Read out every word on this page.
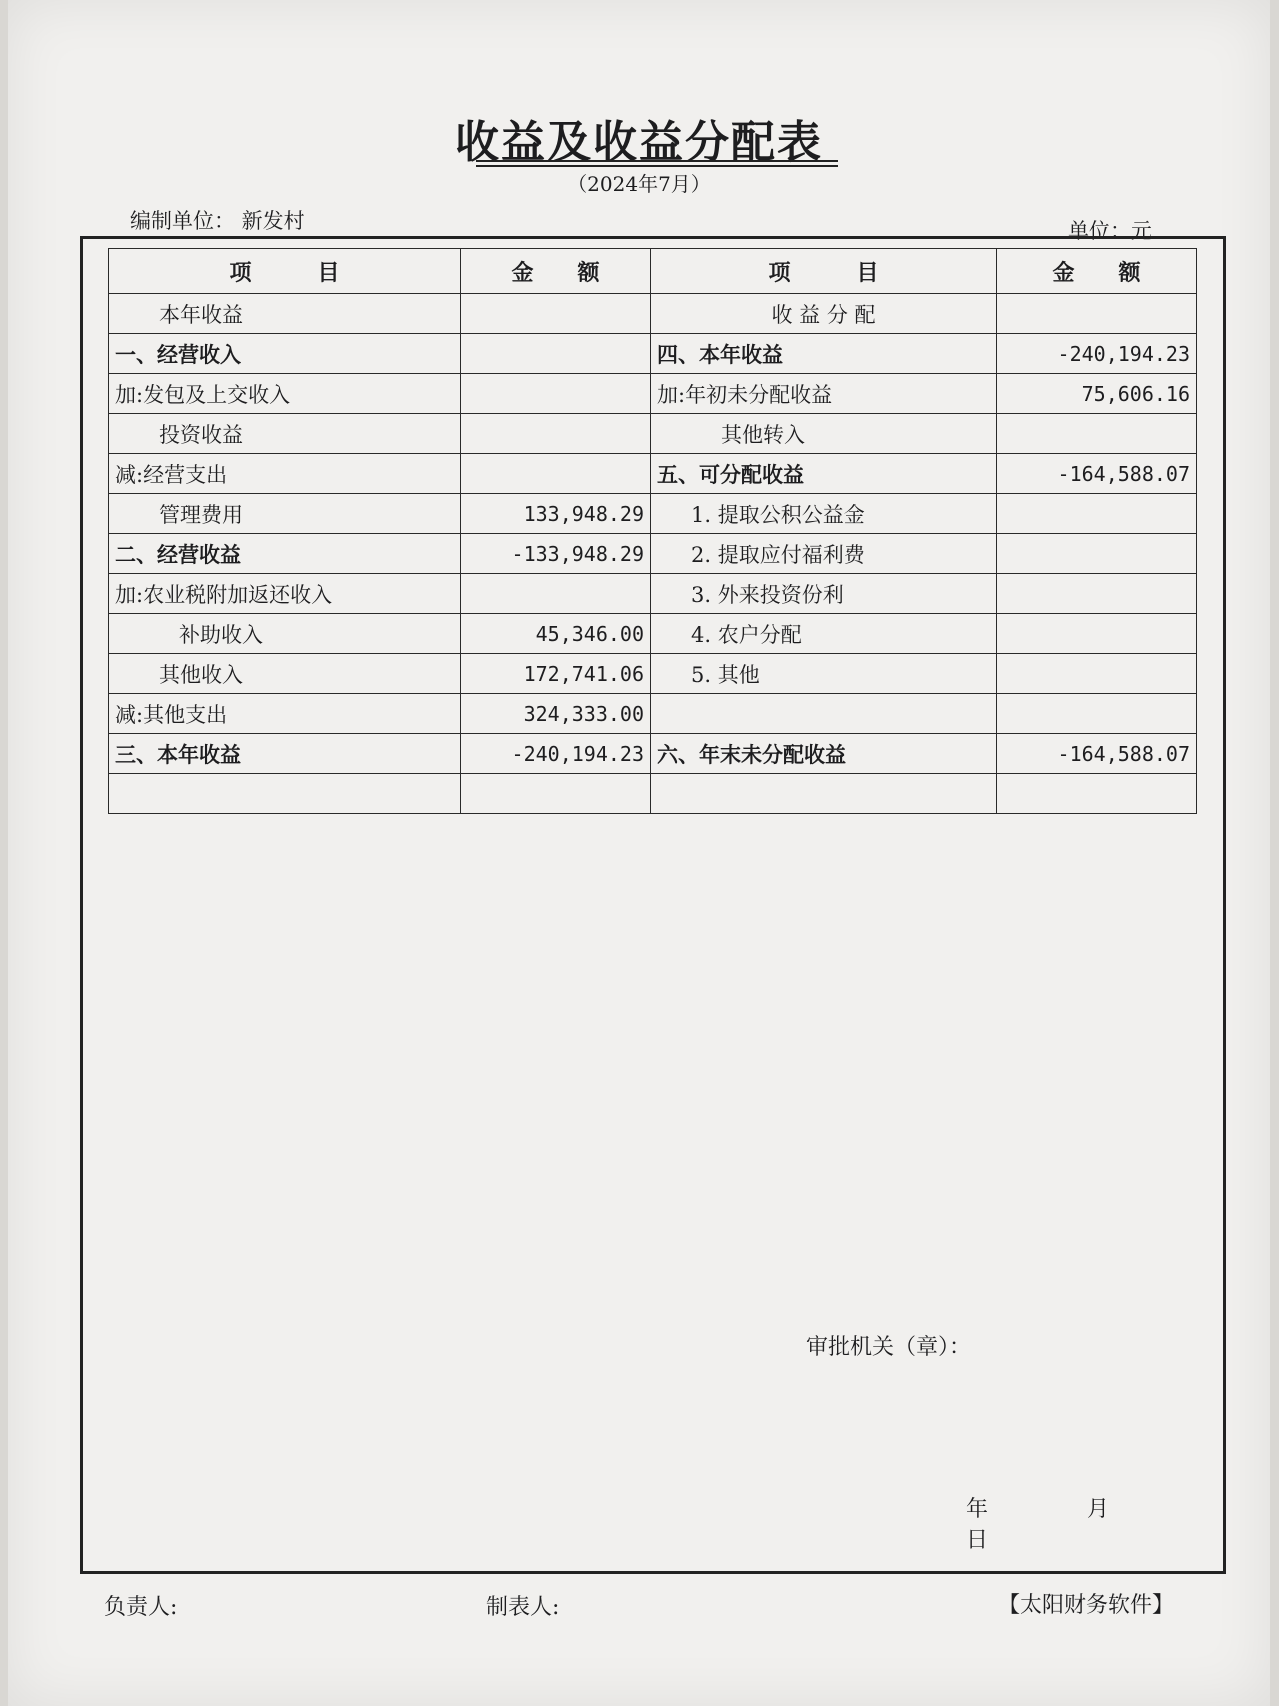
收益及收益分配表
（2024年7月）
编制单位： 新发村	单位：元
项　　　目	金　　额	项　　　目	金　　额
本年收益		收 益 分 配	
一、经营收入		四、本年收益	-240,194.23
加:发包及上交收入		加:年初未分配收益	75,606.16
投资收益		其他转入	
减:经营支出		五、可分配收益	-164,588.07
管理费用	133,948.29	1. 提取公积公益金	
二、经营收益	-133,948.29	2. 提取应付福利费	
加:农业税附加返还收入		3. 外来投资份利	
补助收入	45,346.00	4. 农户分配	
其他收入	172,741.06	5. 其他	
减:其他支出	324,333.00		
三、本年收益	-240,194.23	六、年末未分配收益	-164,588.07

审批机关（章）：
年	月 日
负责人:	制表人:	【太阳财务软件】
